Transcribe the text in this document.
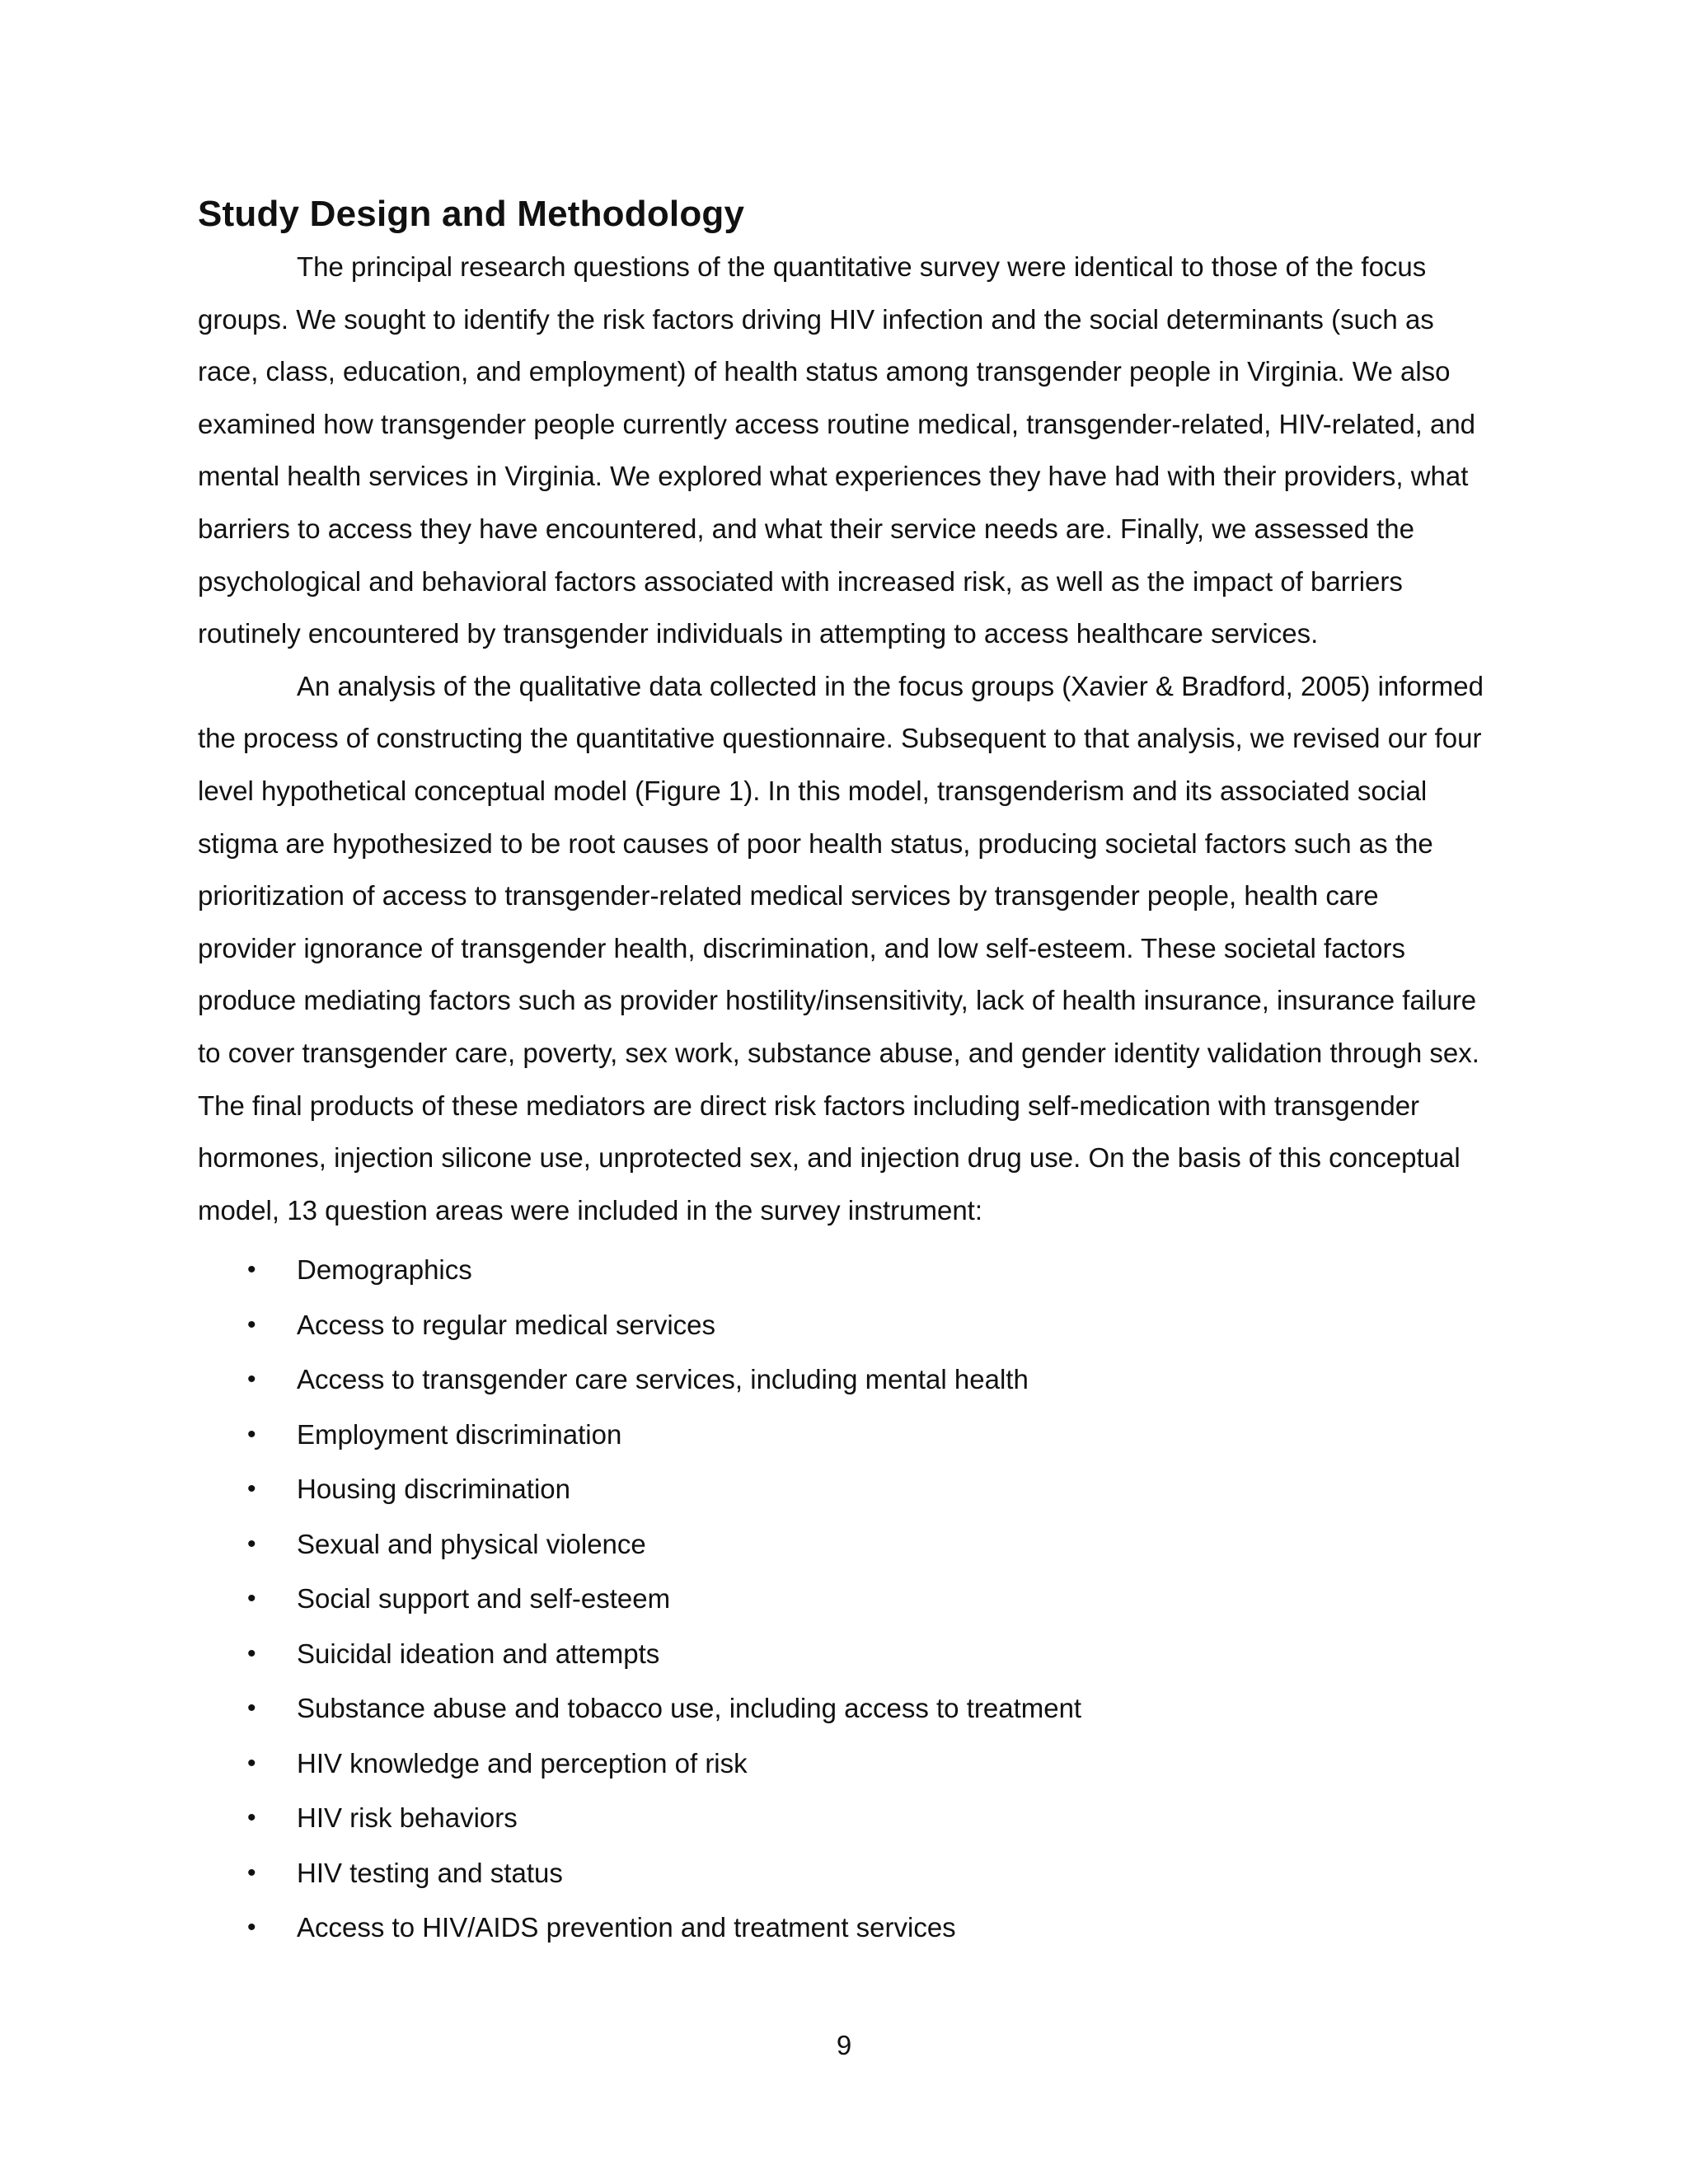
Study Design and Methodology

The principal research questions of the quantitative survey were identical to those of the focus groups. We sought to identify the risk factors driving HIV infection and the social determinants (such as race, class, education, and employment) of health status among transgender people in Virginia. We also examined how transgender people currently access routine medical, transgender-related, HIV-related, and mental health services in Virginia. We explored what experiences they have had with their providers, what barriers to access they have encountered, and what their service needs are. Finally, we assessed the psychological and behavioral factors associated with increased risk, as well as the impact of barriers routinely encountered by transgender individuals in attempting to access healthcare services.

An analysis of the qualitative data collected in the focus groups (Xavier & Bradford, 2005) informed the process of constructing the quantitative questionnaire. Subsequent to that analysis, we revised our four level hypothetical conceptual model (Figure 1). In this model, transgenderism and its associated social stigma are hypothesized to be root causes of poor health status, producing societal factors such as the prioritization of access to transgender-related medical services by transgender people, health care provider ignorance of transgender health, discrimination, and low self-esteem. These societal factors produce mediating factors such as provider hostility/insensitivity, lack of health insurance, insurance failure to cover transgender care, poverty, sex work, substance abuse, and gender identity validation through sex. The final products of these mediators are direct risk factors including self-medication with transgender hormones, injection silicone use, unprotected sex, and injection drug use. On the basis of this conceptual model, 13 question areas were included in the survey instrument:

• Demographics
• Access to regular medical services
• Access to transgender care services, including mental health
• Employment discrimination
• Housing discrimination
• Sexual and physical violence
• Social support and self-esteem
• Suicidal ideation and attempts
• Substance abuse and tobacco use, including access to treatment
• HIV knowledge and perception of risk
• HIV risk behaviors
• HIV testing and status
• Access to HIV/AIDS prevention and treatment services
9
